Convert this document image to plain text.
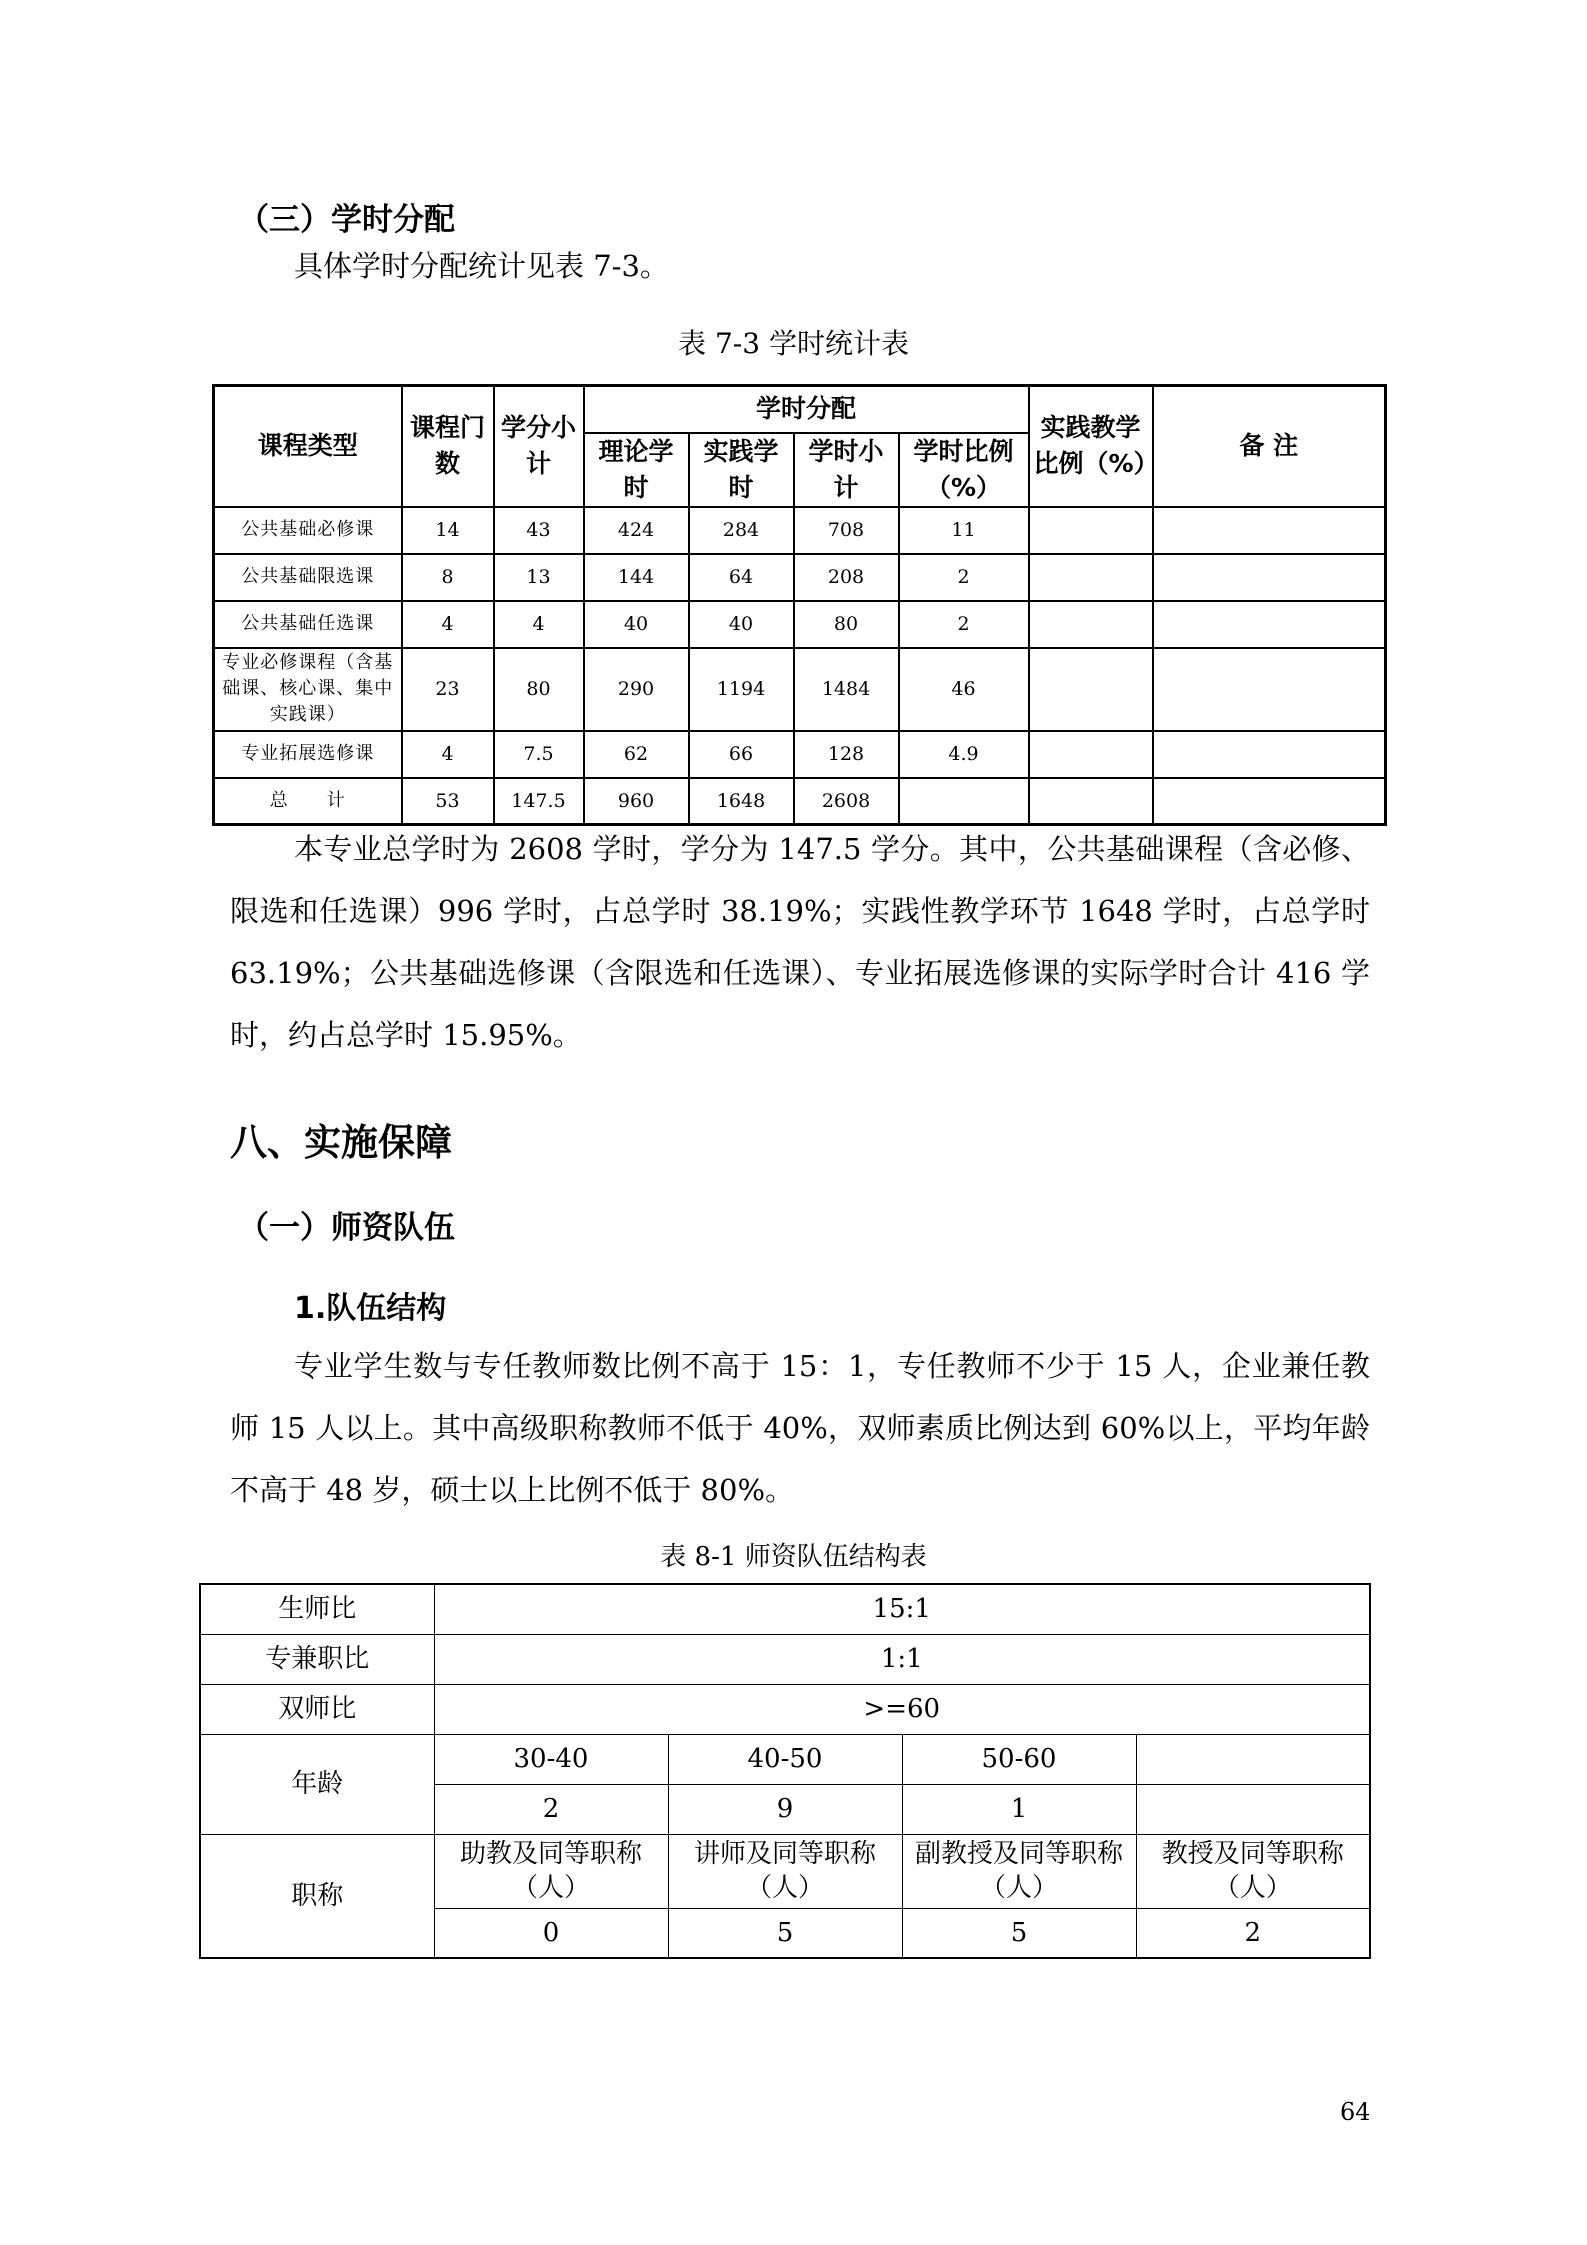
（三）学时分配
具体学时分配统计见表 7-3。
表 7-3 学时统计表
课程类型	课程门数	学分小计	学时分配				实践教学比例（%）	备 注
			理论学时	实践学时	学时小计	学时比例（%）		
公共基础必修课	14	43	424	284	708	11		
公共基础限选课	8	13	144	64	208	2		
公共基础任选课	4	4	40	40	80	2		
专业必修课程（含基础课、核心课、集中实践课）	23	80	290	1194	1484	46		
专业拓展选修课	4	7.5	62	66	128	4.9		
总　　计	53	147.5	960	1648	2608			
本专业总学时为 2608 学时，学分为 147.5 学分。其中，公共基础课程（含必修、限选和任选课）996 学时，占总学时 38.19%；实践性教学环节 1648 学时，占总学时 63.19%；公共基础选修课（含限选和任选课）、专业拓展选修课的实际学时合计 416 学时，约占总学时 15.95%。
八、实施保障
（一）师资队伍
1.队伍结构
专业学生数与专任教师数比例不高于 15：1，专任教师不少于 15 人，企业兼任教师 15 人以上。其中高级职称教师不低于 40%，双师素质比例达到 60%以上，平均年龄不高于 48 岁，硕士以上比例不低于 80%。
表 8-1 师资队伍结构表
生师比	15:1			
专兼职比	1:1			
双师比	>=60			
年龄	30-40	40-50	50-60	
	2	9	1	
职称	助教及同等职称（人）	讲师及同等职称（人）	副教授及同等职称（人）	教授及同等职称（人）
	0	5	5	2
64
